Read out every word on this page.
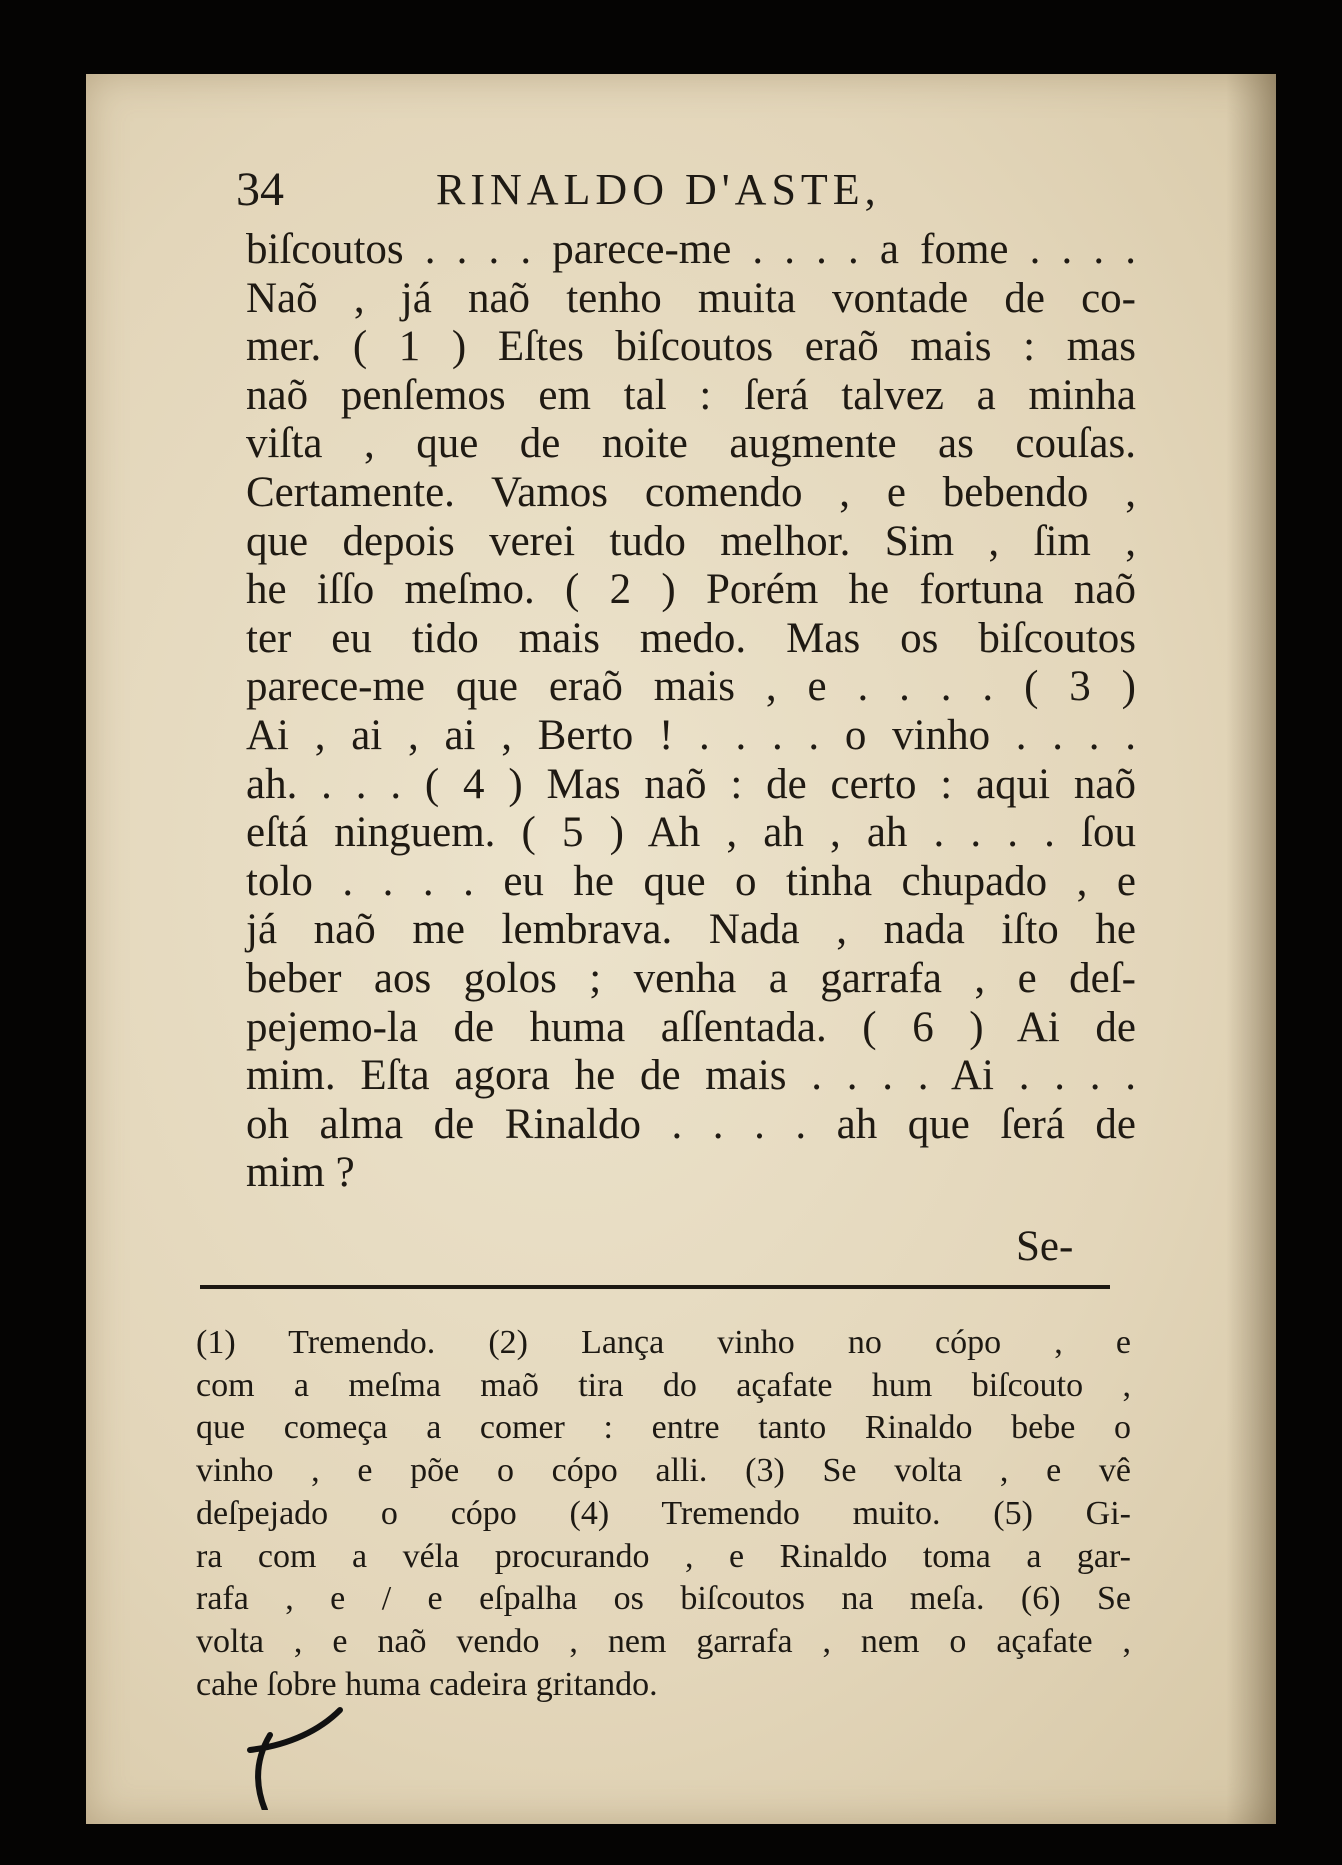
34	RINALDO D'ASTE,
biſcoutos . . . . parece-me . . . . a fome . . . .
Naõ , já naõ tenho muita vontade de co-
mer. ( 1 ) Eſtes biſcoutos eraõ mais : mas
naõ penſemos em tal : ſerá talvez a minha
viſta , que de noite augmente as couſas.
Certamente. Vamos comendo , e bebendo ,
que depois verei tudo melhor. Sim , ſim ,
he iſſo meſmo. ( 2 ) Porém he fortuna naõ
ter eu tido mais medo. Mas os biſcoutos
parece-me que eraõ mais , e . . . . ( 3 )
Ai , ai , ai , Berto ! . . . . o vinho . . . .
ah. . . . ( 4 ) Mas naõ : de certo : aqui naõ
eſtá ninguem. ( 5 ) Ah , ah , ah . . . . ſou
tolo . . . . eu he que o tinha chupado , e
já naõ me lembrava. Nada , nada iſto he
beber aos golos ; venha a garrafa , e deſ-
pejemo-la de huma aſſentada. ( 6 ) Ai de
mim. Eſta agora he de mais . . . . Ai . . . .
oh alma de Rinaldo . . . . ah que ſerá de
mim ?
Se-
(1) Tremendo. (2) Lança vinho no cópo , e
com a meſma maõ tira do açafate hum biſcouto ,
que começa a comer : entre tanto Rinaldo bebe o
vinho , e põe o cópo alli. (3) Se volta , e vê
deſpejado o cópo (4) Tremendo muito. (5) Gi-
ra com a véla procurando , e Rinaldo toma a gar-
rafa , e / e eſpalha os biſcoutos na meſa. (6) Se
volta , e naõ vendo , nem garrafa , nem o açafate ,
cahe ſobre huma cadeira gritando.
